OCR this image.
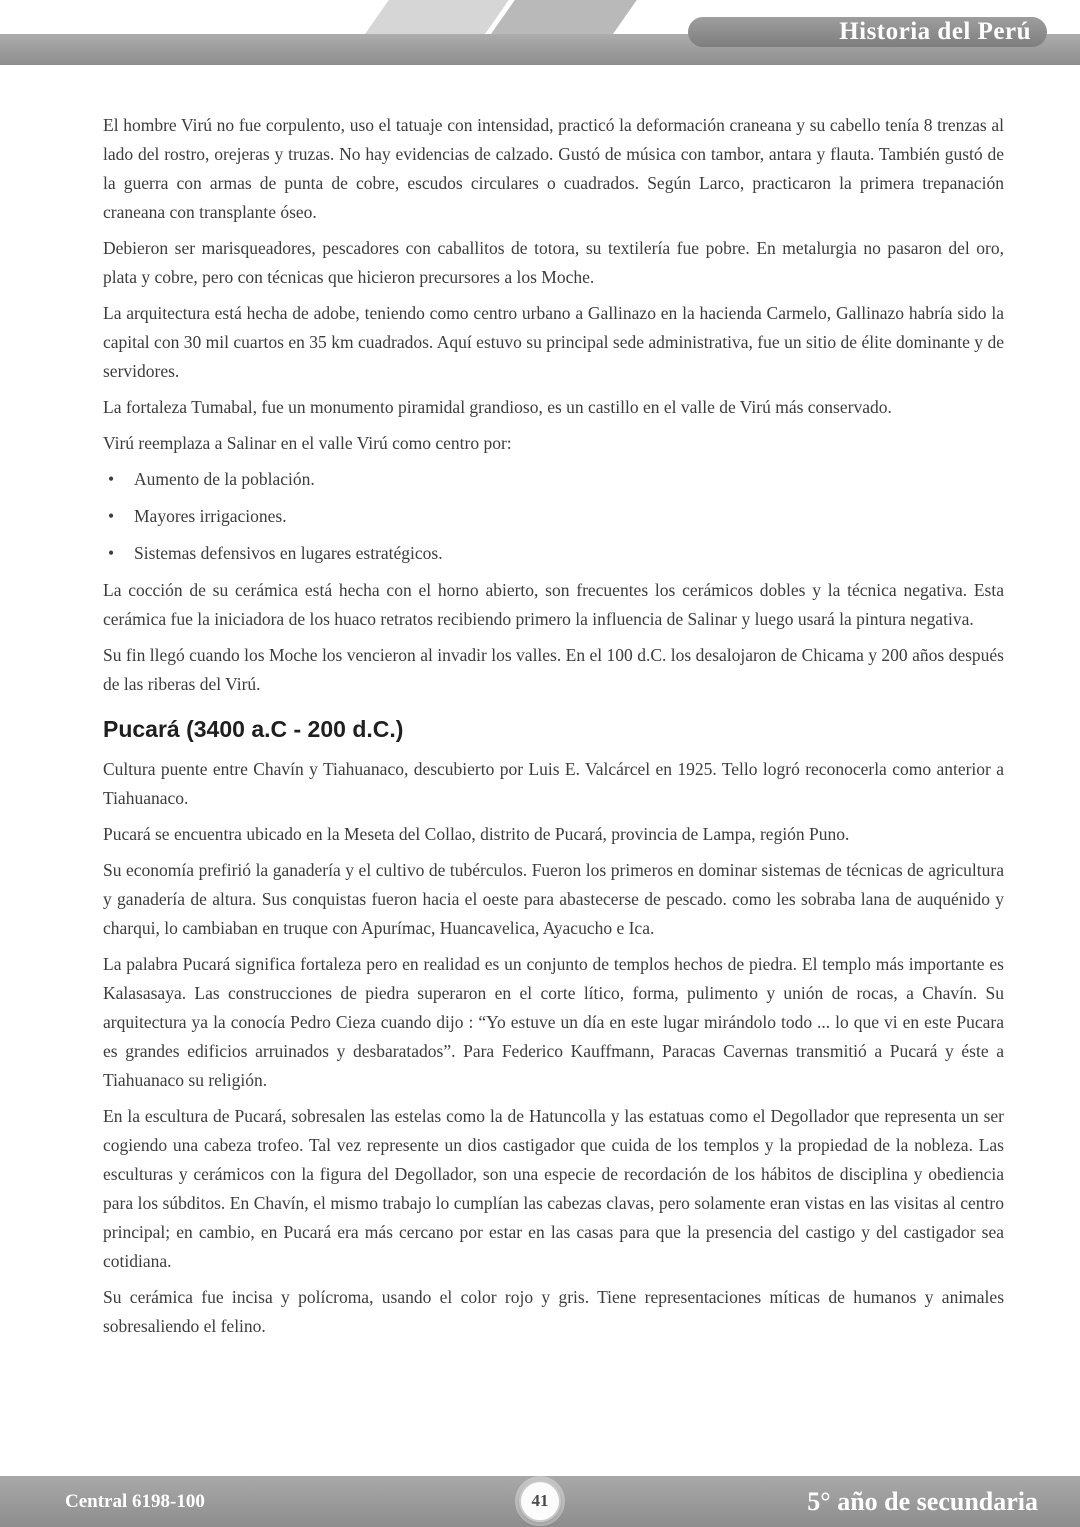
Historia del Perú

El hombre Virú no fue corpulento, uso el tatuaje con intensidad, practicó la deformación craneana y su cabello tenía 8 trenzas al lado del rostro, orejeras y truzas. No hay evidencias de calzado. Gustó de música con tambor, antara y flauta. También gustó de la guerra con armas de punta de cobre, escudos circulares o cuadrados. Según Larco, practicaron la primera trepanación craneana con transplante óseo.

Debieron ser marisqueadores, pescadores con caballitos de totora, su textilería fue pobre. En metalurgia no pasaron del oro, plata y cobre, pero con técnicas que hicieron precursores a los Moche.

La arquitectura está hecha de adobe, teniendo como centro urbano a Gallinazo en la hacienda Carmelo, Gallinazo habría sido la capital con 30 mil cuartos en 35 km cuadrados. Aquí estuvo su principal sede administrativa, fue un sitio de élite dominante y de servidores.

La fortaleza Tumabal, fue un monumento piramidal grandioso, es un castillo en el valle de Virú más conservado.

Virú reemplaza a Salinar en el valle Virú como centro por:

• Aumento de la población.
• Mayores irrigaciones.
• Sistemas defensivos en lugares estratégicos.

La cocción de su cerámica está hecha con el horno abierto, son frecuentes los cerámicos dobles y la técnica negativa. Esta cerámica fue la iniciadora de los huaco retratos recibiendo primero la influencia de Salinar y luego usará la pintura negativa.

Su fin llegó cuando los Moche los vencieron al invadir los valles. En el 100 d.C. los desalojaron de Chicama y 200 años después de las riberas del Virú.

Pucará (3400 a.C - 200 d.C.)

Cultura puente entre Chavín y Tiahuanaco, descubierto por Luis E. Valcárcel en 1925. Tello logró reconocerla como anterior a Tiahuanaco.

Pucará se encuentra ubicado en la Meseta del Collao, distrito de Pucará, provincia de Lampa, región Puno.

Su economía prefirió la ganadería y el cultivo de tubérculos. Fueron los primeros en dominar sistemas de técnicas de agricultura y ganadería de altura. Sus conquistas fueron hacia el oeste para abastecerse de pescado. como les sobraba lana de auquénido y charqui, lo cambiaban en truque con Apurímac, Huancavelica, Ayacucho e Ica.

La palabra Pucará significa fortaleza pero en realidad es un conjunto de templos hechos de piedra. El templo más importante es Kalasasaya. Las construcciones de piedra superaron en el corte lítico, forma, pulimento y unión de rocas, a Chavín. Su arquitectura ya la conocía Pedro Cieza cuando dijo : “Yo estuve un día en este lugar mirándolo todo ... lo que vi en este Pucara es grandes edificios arruinados y desbaratados”. Para Federico Kauffmann, Paracas Cavernas transmitió a Pucará y éste a Tiahuanaco su religión.

En la escultura de Pucará, sobresalen las estelas como la de Hatuncolla y las estatuas como el Degollador que representa un ser cogiendo una cabeza trofeo. Tal vez represente un dios castigador que cuida de los templos y la propiedad de la nobleza. Las esculturas y cerámicos con la figura del Degollador, son una especie de recordación de los hábitos de disciplina y obediencia para los súbditos. En Chavín, el mismo trabajo lo cumplían las cabezas clavas, pero solamente eran vistas en las visitas al centro principal; en cambio, en Pucará era más cercano por estar en las casas para que la presencia del castigo y del castigador sea cotidiana.

Su cerámica fue incisa y polícroma, usando el color rojo y gris. Tiene representaciones míticas de humanos y animales sobresaliendo el felino.

Central 6198-100	41	5° año de secundaria
